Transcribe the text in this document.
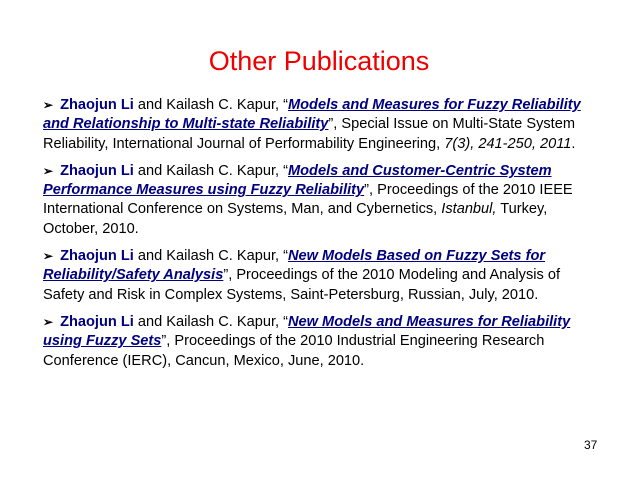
Other Publications
➢ Zhaojun Li and Kailash C. Kapur, “Models and Measures for Fuzzy Reliability and Relationship to Multi-state Reliability”, Special Issue on Multi-State System Reliability, International Journal of Performability Engineering, 7(3), 241-250, 2011.
➢ Zhaojun Li and Kailash C. Kapur, “Models and Customer-Centric System Performance Measures using Fuzzy Reliability”, Proceedings of the 2010 IEEE International Conference on Systems, Man, and Cybernetics, Istanbul, Turkey, October, 2010.
➢ Zhaojun Li and Kailash C. Kapur, “New Models Based on Fuzzy Sets for Reliability/Safety Analysis”, Proceedings of the 2010 Modeling and Analysis of Safety and Risk in Complex Systems, Saint-Petersburg, Russian, July, 2010.
➢ Zhaojun Li and Kailash C. Kapur, “New Models and Measures for Reliability using Fuzzy Sets”, Proceedings of the 2010 Industrial Engineering Research Conference (IERC), Cancun, Mexico, June, 2010.
37
